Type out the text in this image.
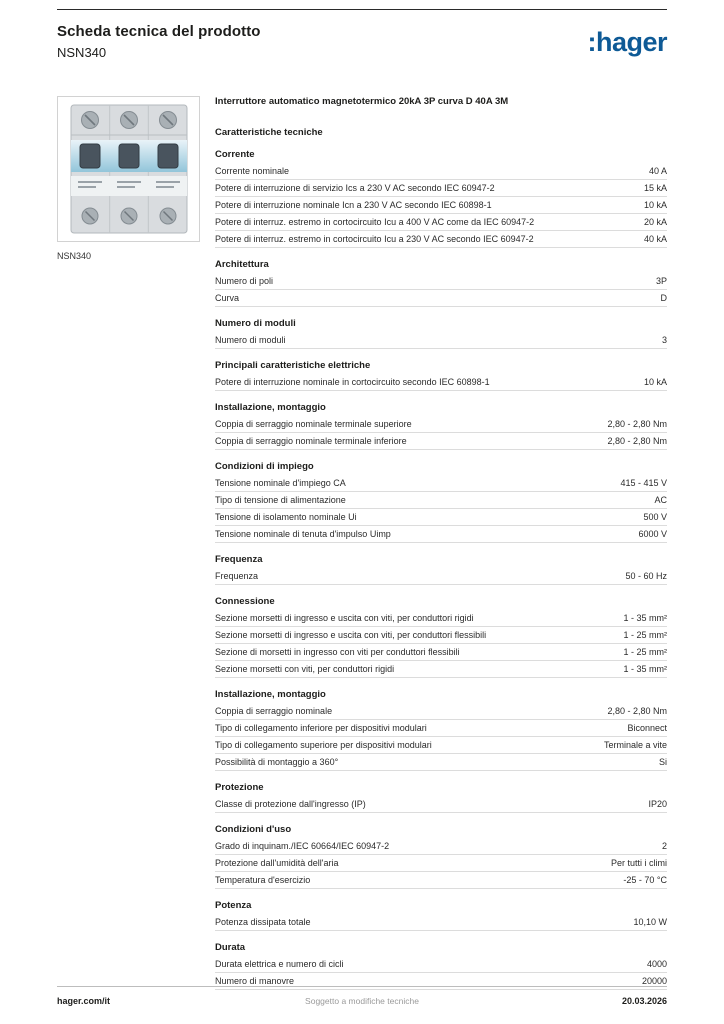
Scheda tecnica del prodotto
NSN340	:hager
NSN340
Interruttore automatico magnetotermico 20kA 3P curva D 40A 3M
Caratteristiche tecniche
Corrente
Corrente nominale	40 A
Potere di interruzione di servizio Ics a 230 V AC secondo IEC 60947-2	15 kA
Potere di interruzione nominale Icn a 230 V AC secondo IEC 60898-1	10 kA
Potere di interruz. estremo in cortocircuito Icu a 400 V AC come da IEC 60947-2	20 kA
Potere di interruz. estremo in cortocircuito Icu a 230 V AC secondo IEC 60947-2	40 kA
Architettura
Numero di poli	3P
Curva	D
Numero di moduli
Numero di moduli	3
Principali caratteristiche elettriche
Potere di interruzione nominale in cortocircuito secondo IEC 60898-1	10 kA
Installazione, montaggio
Coppia di serraggio nominale terminale superiore	2,80 - 2,80 Nm
Coppia di serraggio nominale terminale inferiore	2,80 - 2,80 Nm
Condizioni di impiego
Tensione nominale d'impiego CA	415 - 415 V
Tipo di tensione di alimentazione	AC
Tensione di isolamento nominale Ui	500 V
Tensione nominale di tenuta d'impulso Uimp	6000 V
Frequenza
Frequenza	50 - 60 Hz
Connessione
Sezione morsetti di ingresso e uscita con viti, per conduttori rigidi	1 - 35 mm²
Sezione morsetti di ingresso e uscita con viti, per conduttori flessibili	1 - 25 mm²
Sezione di morsetti in ingresso con viti per conduttori flessibili	1 - 25 mm²
Sezione morsetti con viti, per conduttori rigidi	1 - 35 mm²
Installazione, montaggio
Coppia di serraggio nominale	2,80 - 2,80 Nm
Tipo di collegamento inferiore per dispositivi modulari	Biconnect
Tipo di collegamento superiore per dispositivi modulari	Terminale a vite
Possibilità di montaggio a 360°	Si
Protezione
Classe di protezione dall'ingresso (IP)	IP20
Condizioni d'uso
Grado di inquinam./IEC 60664/IEC 60947-2	2
Protezione dall'umidità dell'aria	Per tutti i climi
Temperatura d'esercizio	-25 - 70 °C
Potenza
Potenza dissipata totale	10,10 W
Durata
Durata elettrica e numero di cicli	4000
Numero di manovre	20000
hager.com/it	Soggetto a modifiche tecniche	20.03.2026
